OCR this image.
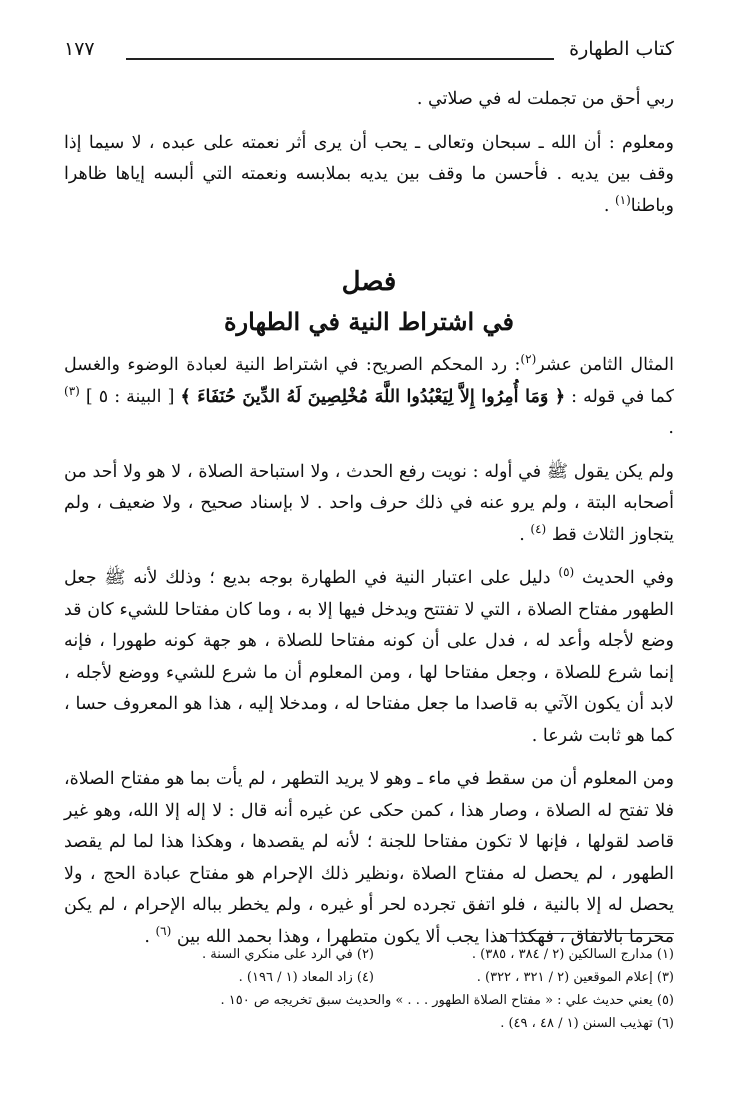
كتاب الطهارة
١٧٧

ربي أحق من تجملت له في صلاتي .

ومعلوم : أن الله ـ سبحان وتعالى ـ يحب أن يرى أثر نعمته على عبده ، لا سيما إذا وقف بين يديه . فأحسن ما وقف بين يديه بملابسه ونعمته التي ألبسه إياها ظاهرا وباطنا$^{(١)}$ .

فصل
في اشتراط النية في الطهارة

المثال الثامن عشر$^{(٢)}$: رد المحكم الصريح: في اشتراط النية لعبادة الوضوء والغسل كما في قوله : ﴿ وَمَا أُمِرُوا إِلاَّ لِيَعْبُدُوا اللَّهَ مُخْلِصِينَ لَهُ الدِّينَ حُنَفَاءَ ﴾ [ البينة : ٥ ] $^{(٣)}$ .

ولم يكن يقول ﷺ في أوله : نويت رفع الحدث ، ولا استباحة الصلاة ، لا هو ولا أحد من أصحابه البتة ، ولم يرو عنه في ذلك حرف واحد . لا بإسناد صحيح ، ولا ضعيف ، ولم يتجاوز الثلاث قط $^{(٤)}$ .

وفي الحديث $^{(٥)}$ دليل على اعتبار النية في الطهارة بوجه بديع ؛ وذلك لأنه ﷺ جعل الطهور مفتاح الصلاة ، التي لا تفتتح ويدخل فيها إلا به ، وما كان مفتاحا للشيء كان قد وضع لأجله وأعد له ، فدل على أن كونه مفتاحا للصلاة ، هو جهة كونه طهورا ، فإنه إنما شرع للصلاة ، وجعل مفتاحا لها ، ومن المعلوم أن ما شرع للشيء ووضع لأجله ، لابد أن يكون الآتي به قاصدا ما جعل مفتاحا له ، ومدخلا إليه ، هذا هو المعروف حسا ، كما هو ثابت شرعا .

ومن المعلوم أن من سقط في ماء ـ وهو لا يريد التطهر ، لم يأت بما هو مفتاح الصلاة، فلا تفتح له الصلاة ، وصار هذا ، كمن حكى عن غيره أنه قال : لا إله إلا الله، وهو غير قاصد لقولها ، فإنها لا تكون مفتاحا للجنة ؛ لأنه لم يقصدها ، وهكذا هذا لما لم يقصد الطهور ، لم يحصل له مفتاح الصلاة ،ونظير ذلك الإحرام هو مفتاح عبادة الحج ، ولا يحصل له إلا بالنية ، فلو اتفق تجرده لحر أو غيره ، ولم يخطر بباله الإحرام ، لم يكن محرما بالاتفاق ، فهكذا هذا يجب ألا يكون متطهرا ، وهذا بحمد الله بين $^{(٦)}$ .

(١) مدارج السالكين (٢ / ٣٨٤ ، ٣٨٥) .
(٢) في الرد على منكري السنة .
(٣) إعلام الموقعين (٢ / ٣٢١ ، ٣٢٢) .
(٤) زاد المعاد (١ / ١٩٦) .
(٥) يعني حديث علي : « مفتاح الصلاة الطهور . . . » والحديث سبق تخريجه ص ١٥٠ .
(٦) تهذيب السنن (١ / ٤٨ ، ٤٩) .
